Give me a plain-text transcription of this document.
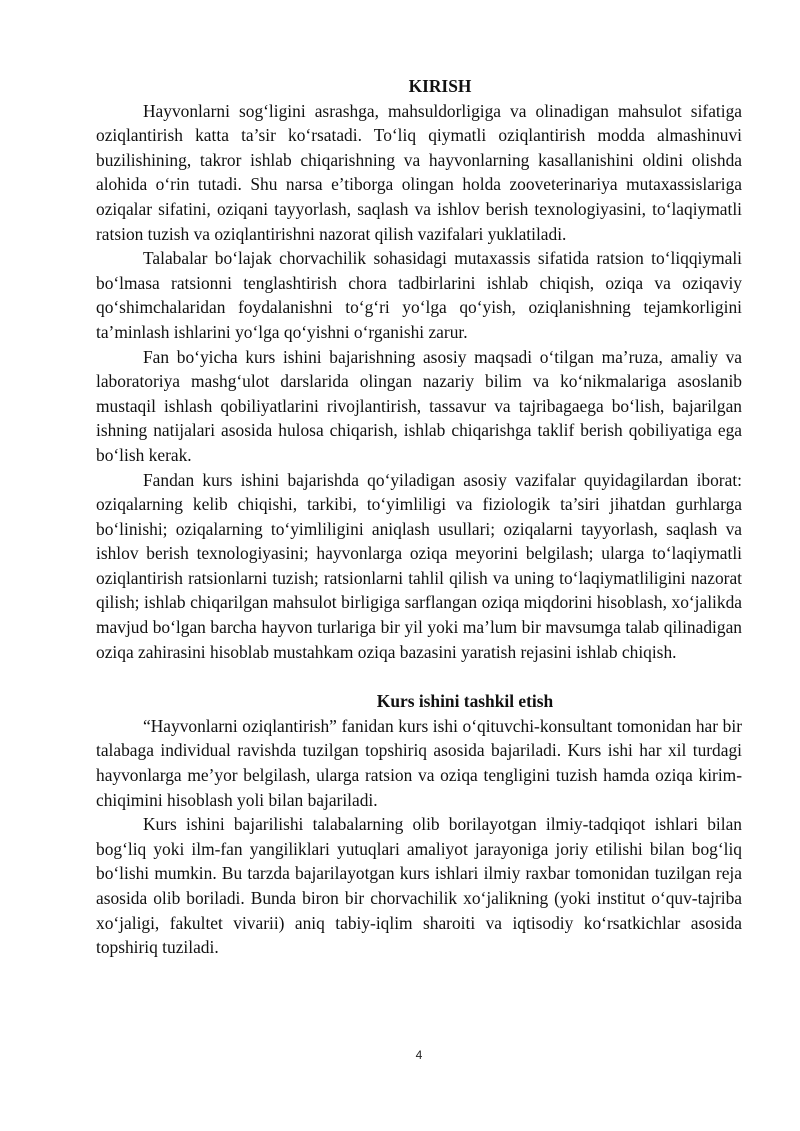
KIRISH

Hayvonlarni sog‘ligini asrashga, mahsuldorligiga va olinadigan mahsulot sifatiga oziqlantirish katta ta’sir ko‘rsatadi. To‘liq qiymatli oziqlantirish modda almashinuvi buzilishining, takror ishlab chiqarishning va hayvonlarning kasallanishini oldini olishda alohida o‘rin tutadi. Shu narsa e’tiborga olingan holda zooveterinariya mutaxassislariga oziqalar sifatini, oziqani tayyorlash, saqlash va ishlov berish texnologiyasini, to‘laqiymatli ratsion tuzish va oziqlantirishni nazorat qilish vazifalari yuklatiladi.

Talabalar bo‘lajak chorvachilik sohasidagi mutaxassis sifatida ratsion to‘liqqiymali bo‘lmasa ratsionni tenglashtirish chora tadbirlarini ishlab chiqish, oziqa va oziqaviy qo‘shimchalaridan foydalanishni to‘g‘ri yo‘lga qo‘yish, oziqlanishning tejamkorligini ta’minlash ishlarini yo‘lga qo‘yishni o‘rganishi zarur.

Fan bo‘yicha kurs ishini bajarishning asosiy maqsadi o‘tilgan ma’ruza, amaliy va laboratoriya mashg‘ulot darslarida olingan nazariy bilim va ko‘nikmalariga asoslanib mustaqil ishlash qobiliyatlarini rivojlantirish, tassavur va tajribagaega bo‘lish, bajarilgan ishning natijalari asosida hulosa chiqarish, ishlab chiqarishga taklif berish qobiliyatiga ega bo‘lish kerak.

Fandan kurs ishini bajarishda qo‘yiladigan asosiy vazifalar quyidagilardan iborat: oziqalarning kelib chiqishi, tarkibi, to‘yimliligi va fiziologik ta’siri jihatdan gurhlarga bo‘linishi; oziqalarning to‘yimliligini aniqlash usullari; oziqalarni tayyorlash, saqlash va ishlov berish texnologiyasini; hayvonlarga oziqa meyorini belgilash; ularga to‘laqiymatli oziqlantirish ratsionlarni tuzish; ratsionlarni tahlil qilish va uning to‘laqiymatliligini nazorat qilish; ishlab chiqarilgan mahsulot birligiga sarflangan oziqa miqdorini hisoblash, xo‘jalikda mavjud bo‘lgan barcha hayvon turlariga bir yil yoki ma’lum bir mavsumga talab qilinadigan oziqa zahirasini hisoblab mustahkam oziqa bazasini yaratish rejasini ishlab chiqish.

Kurs ishini tashkil etish

“Hayvonlarni oziqlantirish” fanidan kurs ishi o‘qituvchi-konsultant tomonidan har bir talabaga individual ravishda tuzilgan topshiriq asosida bajariladi. Kurs ishi har xil turdagi hayvonlarga me’yor belgilash, ularga ratsion va oziqa tengligini tuzish hamda oziqa kirim-chiqimini hisoblash yoli bilan bajariladi.

Kurs ishini bajarilishi talabalarning olib borilayotgan ilmiy-tadqiqot ishlari bilan bog‘liq yoki ilm-fan yangiliklari yutuqlari amaliyot jarayoniga joriy etilishi bilan bog‘liq bo‘lishi mumkin. Bu tarzda bajarilayotgan kurs ishlari ilmiy raxbar tomonidan tuzilgan reja asosida olib boriladi. Bunda biron bir chorvachilik xo‘jalikning (yoki institut o‘quv-tajriba xo‘jaligi, fakultet vivarii) aniq tabiy-iqlim sharoiti va iqtisodiy ko‘rsatkichlar asosida topshiriq tuziladi.

4
